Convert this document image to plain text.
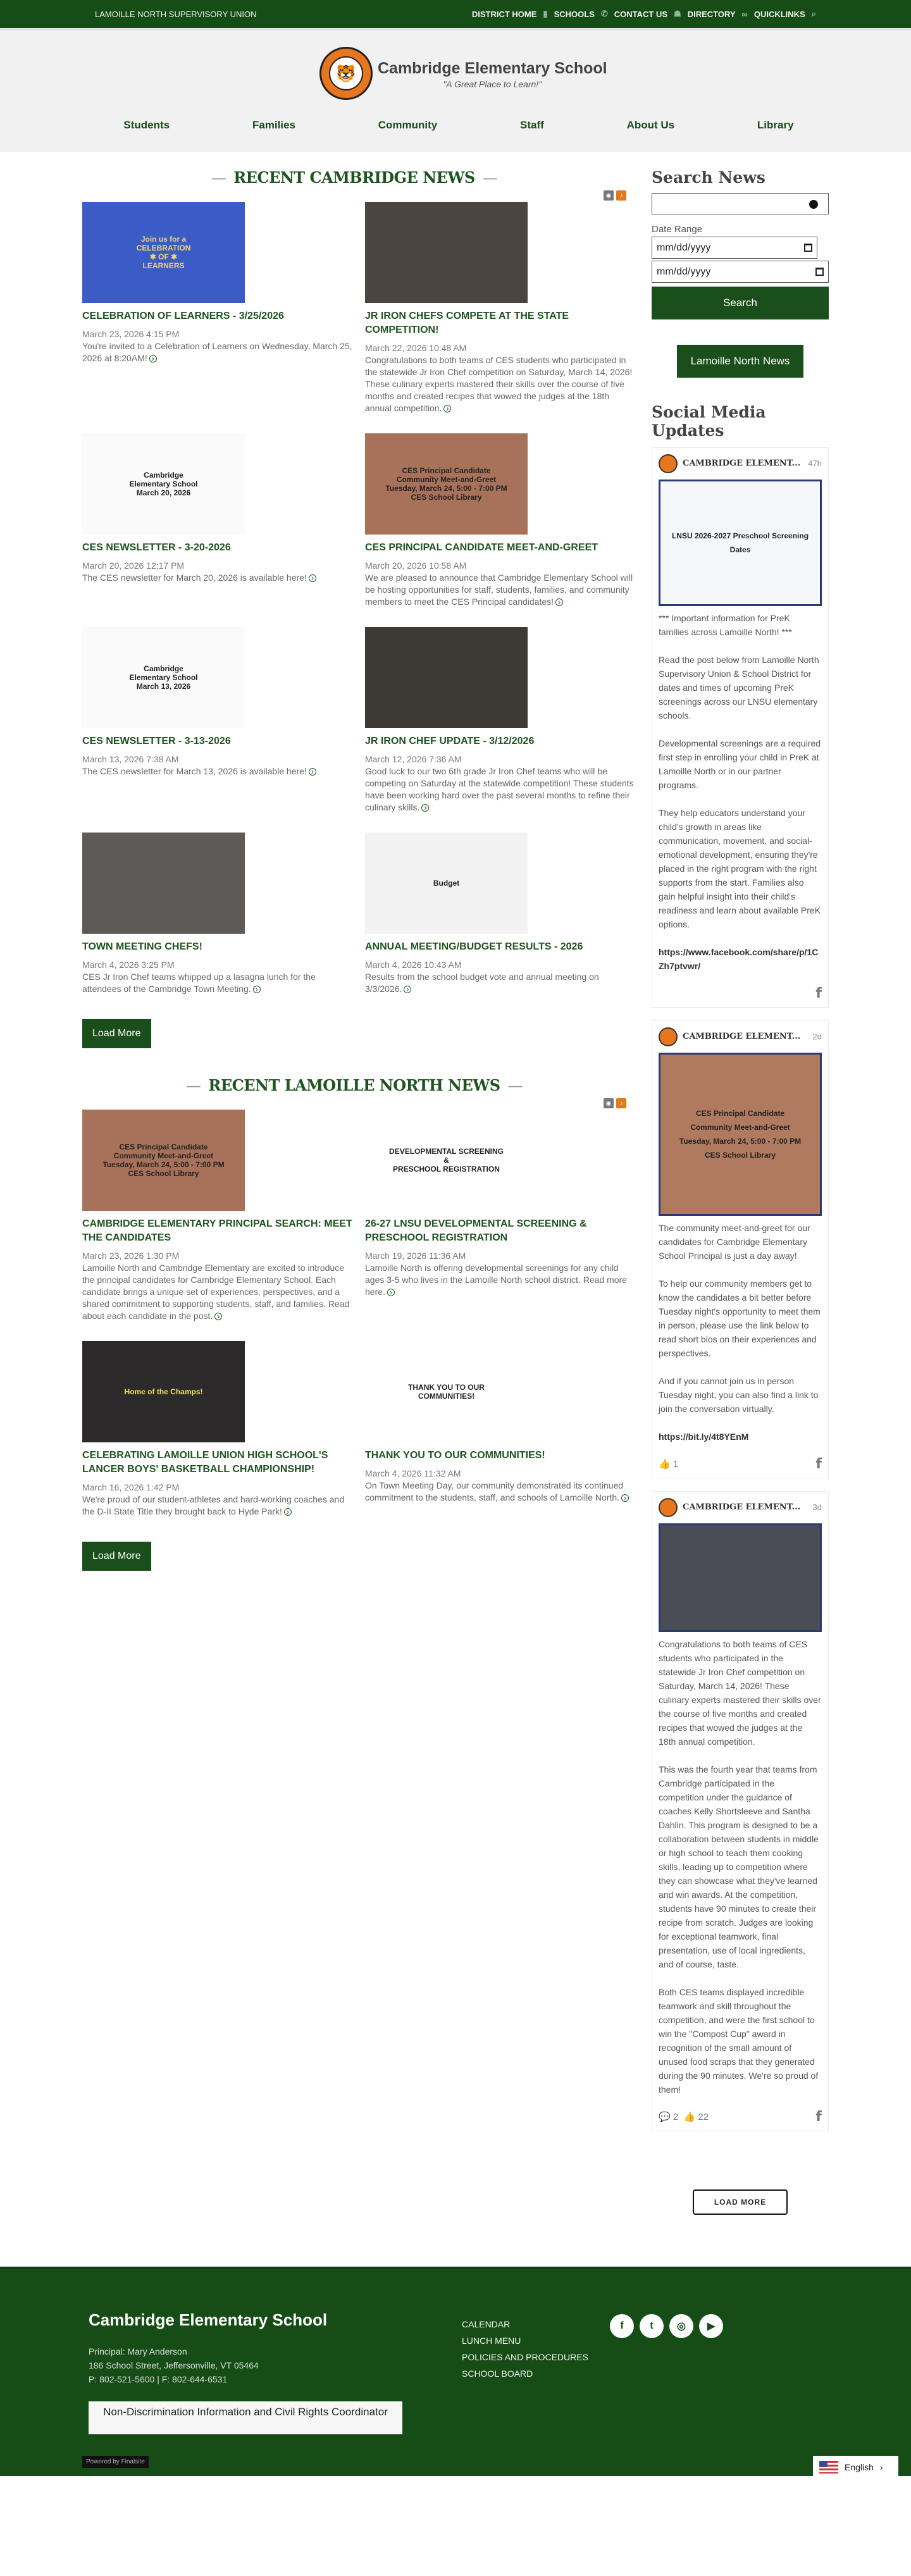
LAMOILLE NORTH SUPERVISORY UNION	DISTRICT HOME ▮ SCHOOLS ✆ CONTACT US ☗ DIRECTORY ∞ QUICKLINKS ⌕
🐯	Cambridge Elementary School
"A Great Place to Learn!"
Students	Families	Community	Staff	About Us	Library
— RECENT CAMBRIDGE NEWS —
◉	♪
Join us for a
CELEBRATION
✱ OF ✱
LEARNERS
CELEBRATION OF LEARNERS - 3/25/2026
March 23, 2026 4:15 PM
You're invited to a Celebration of Learners on Wednesday, March 25, 2026 at 8:20AM! ›
JR IRON CHEFS COMPETE AT THE STATE COMPETITION!
March 22, 2026 10:48 AM
Congratulations to both teams of CES students who participated in the statewide Jr Iron Chef competition on Saturday, March 14, 2026! These culinary experts mastered their skills over the course of five months and created recipes that wowed the judges at the 18th annual competition. ›
Cambridge
Elementary School
March 20, 2026
CES NEWSLETTER - 3-20-2026
March 20, 2026 12:17 PM
The CES newsletter for March 20, 2026 is available here! ›
CES Principal Candidate
Community Meet-and-Greet
Tuesday, March 24, 5:00 - 7:00 PM
CES School Library
CES PRINCIPAL CANDIDATE MEET-AND-GREET
March 20, 2026 10:58 AM
We are pleased to announce that Cambridge Elementary School will be hosting opportunities for staff, students, families, and community members to meet the CES Principal candidates! ›
Cambridge
Elementary School
March 13, 2026
CES NEWSLETTER - 3-13-2026
March 13, 2026 7:38 AM
The CES newsletter for March 13, 2026 is available here! ›
JR IRON CHEF UPDATE - 3/12/2026
March 12, 2026 7:36 AM
Good luck to our two 6th grade Jr Iron Chef teams who will be competing on Saturday at the statewide competition! These students have been working hard over the past several months to refine their culinary skills. ›
TOWN MEETING CHEFS!
March 4, 2026 3:25 PM
CES Jr Iron Chef teams whipped up a lasagna lunch for the attendees of the Cambridge Town Meeting. ›
Budget
ANNUAL MEETING/BUDGET RESULTS - 2026
March 4, 2026 10:43 AM
Results from the school budget vote and annual meeting on 3/3/2026. ›
Load More
— RECENT LAMOILLE NORTH NEWS —
◉	♪
CES Principal Candidate
Community Meet-and-Greet
Tuesday, March 24, 5:00 - 7:00 PM
CES School Library
CAMBRIDGE ELEMENTARY PRINCIPAL SEARCH: MEET THE CANDIDATES
March 23, 2026 1:30 PM
Lamoille North and Cambridge Elementary are excited to introduce the principal candidates for Cambridge Elementary School. Each candidate brings a unique set of experiences, perspectives, and a shared commitment to supporting students, staff, and families. Read about each candidate in the post. ›
DEVELOPMENTAL SCREENING
&
PRESCHOOL REGISTRATION
26-27 LNSU DEVELOPMENTAL SCREENING & PRESCHOOL REGISTRATION
March 19, 2026 11:36 AM
Lamoille North is offering developmental screenings for any child ages 3-5 who lives in the Lamoille North school district. Read more here. ›
Home of the Champs!
CELEBRATING LAMOILLE UNION HIGH SCHOOL'S LANCER BOYS' BASKETBALL CHAMPIONSHIP!
March 16, 2026 1:42 PM
We're proud of our student-athletes and hard-working coaches and the D-II State Title they brought back to Hyde Park! ›
THANK YOU TO OUR
COMMUNITIES!
THANK YOU TO OUR COMMUNITIES!
March 4, 2026 11:32 AM
On Town Meeting Day, our community demonstrated its continued commitment to the students, staff, and schools of Lamoille North. ›
Load More
Search News
Date Range
mm/dd/yyyy
mm/dd/yyyy
Search
Lamoille North News
Social Media Updates
CAMBRIDGE ELEMENT... 47h
LNSU 2026-2027 Preschool Screening Dates

*** Important information for PreK families across Lamoille North! ***

Read the post below from Lamoille North Supervisory Union & School District for dates and times of upcoming PreK screenings across our LNSU elementary schools.

Developmental screenings are a required first step in enrolling your child in PreK at Lamoille North or in our partner programs.

They help educators understand your child's growth in areas like communication, movement, and social-emotional development, ensuring they're placed in the right program with the right supports from the start. Families also gain helpful insight into their child's readiness and learn about available PreK options.

https://www.facebook.com/share/p/1CZh7ptvwr/

f
CAMBRIDGE ELEMENT...	2d
CES Principal Candidate
Community Meet-and-Greet
Tuesday, March 24, 5:00 - 7:00 PM
CES School Library

The community meet-and-greet for our candidates for Cambridge Elementary School Principal is just a day away!

To help our community members get to know the candidates a bit better before Tuesday night's opportunity to meet them in person, please use the link below to read short bios on their experiences and perspectives.

And if you cannot join us in person Tuesday night, you can also find a link to join the conversation virtually.

https://bit.ly/4t8YEnM

👍 1	f
CAMBRIDGE ELEMENT...	3d

Congratulations to both teams of CES students who participated in the statewide Jr Iron Chef competition on Saturday, March 14, 2026! These culinary experts mastered their skills over the course of five months and created recipes that wowed the judges at the 18th annual competition.

This was the fourth year that teams from Cambridge participated in the competition under the guidance of coaches Kelly Shortsleeve and Santha Dahlin. This program is designed to be a collaboration between students in middle or high school to teach them cooking skills, leading up to competition where they can showcase what they've learned and win awards. At the competition, students have 90 minutes to create their recipe from scratch. Judges are looking for exceptional teamwork, final presentation, use of local ingredients, and of course, taste.

Both CES teams displayed incredible teamwork and skill throughout the competition, and were the first school to win the "Compost Cup" award in recognition of the small amount of unused food scraps that they generated during the 90 minutes. We're so proud of them!

💬 2 👍 22	f
LOAD MORE
Cambridge Elementary School
Principal: Mary Anderson
186 School Street, Jeffersonville, VT 05464
P: 802-521-5600 | F: 802-644-6531
Non-Discrimination Information and Civil Rights Coordinator
CALENDAR
LUNCH MENU
POLICIES AND PROCEDURES
SCHOOL BOARD
f	t	◎	▶
Powered by Finalsite
English ›
